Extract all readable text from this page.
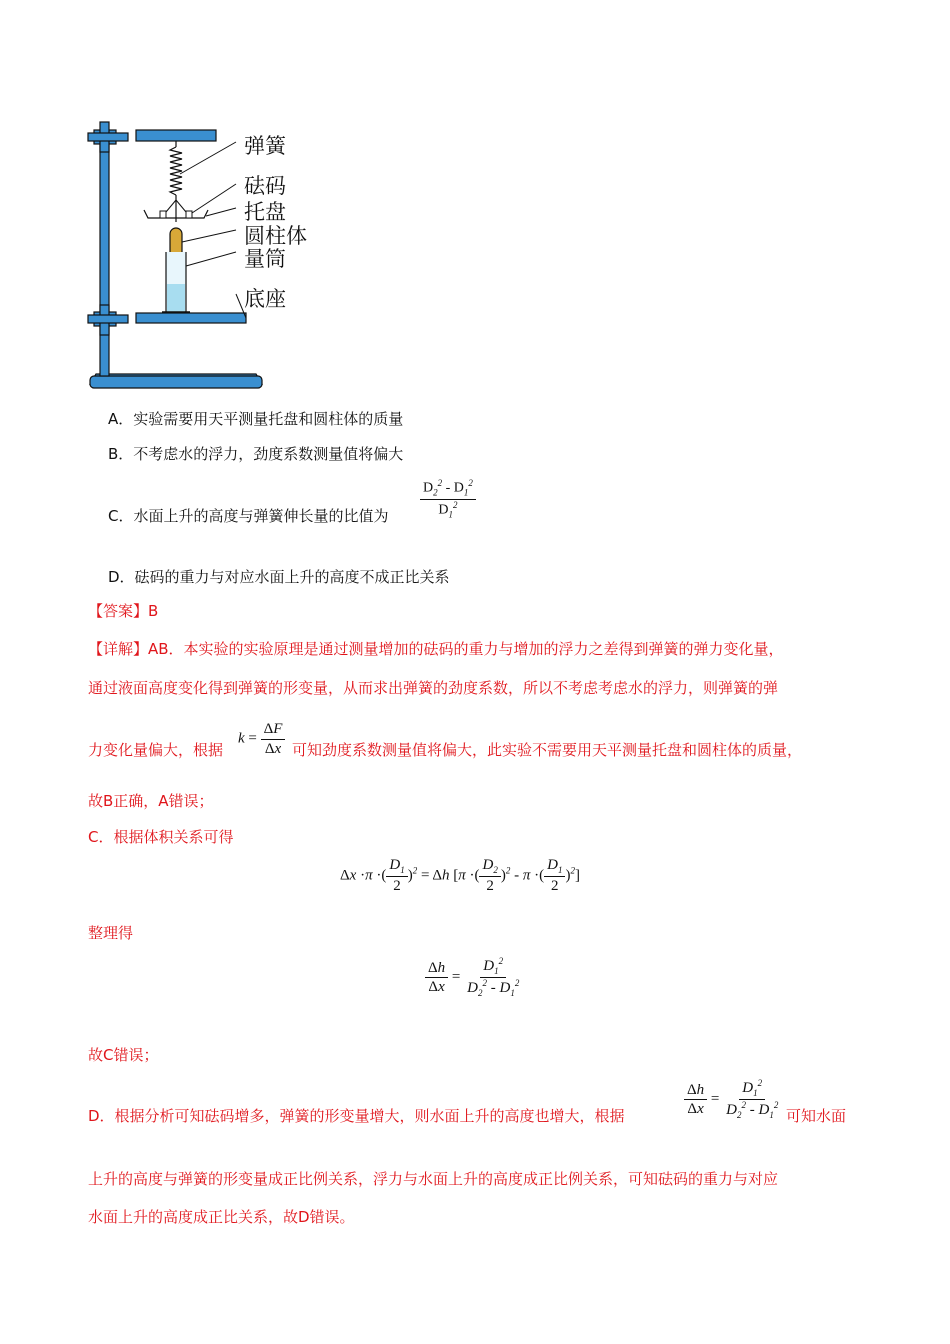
弹簧
砝码
托盘
圆柱体
量筒
底座
A．实验需要用天平测量托盘和圆柱体的质量
B．不考虑水的浮力，劲度系数测量值将偏大
C．水面上升的高度与弹簧伸长量的比值为 $\frac{D_2^2 - D_1^2}{D_1^2}$
D．砝码的重力与对应水面上升的高度不成正比关系
【答案】B
【详解】AB．本实验的实验原理是通过测量增加的砝码的重力与增加的浮力之差得到弹簧的弹力变化量，
通过液面高度变化得到弹簧的形变量，从而求出弹簧的劲度系数，所以不考虑考虑水的浮力，则弹簧的弹
力变化量偏大，根据
$k = \frac{\Delta F}{\Delta x}$ 可知劲度系数测量值将偏大，此实验不需要用天平测量托盘和圆柱体的质量，
故B正确，A错误；
C．根据体积关系可得
Δx ·π ·( $\frac{D_1}{2} )^2 = \Delta h$ [π ·( $\frac{D_2}{2} )^2$ - π ·( $\frac{D_1}{2} )^2$]
整理得
$\frac{\Delta h}{\Delta x} = \frac{D_1^2}{D_2^2 - D_1^2}$
故C错误；
D．根据分析可知砝码增多，弹簧的形变量增大，则水面上升的高度也增大，根据	$\frac{\Delta h}{\Delta x} = \frac{D_1^2}{D_2^2 - D_1^2}$ 可知水面
上升的高度与弹簧的形变量成正比例关系，浮力与水面上升的高度成正比例关系，可知砝码的重力与对应
水面上升的高度成正比关系，故D错误。
